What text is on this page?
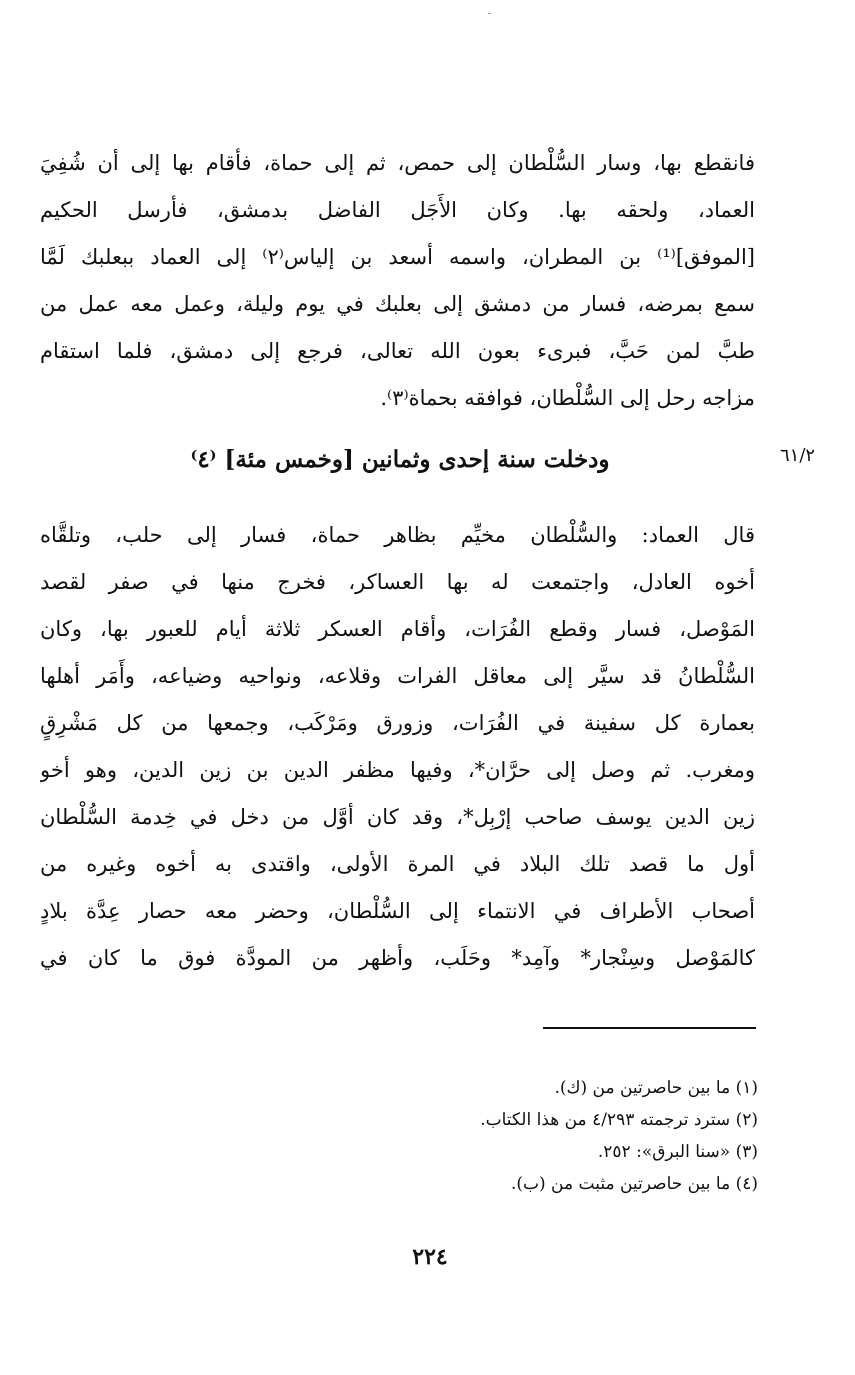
ـ
فانقطع بها، وسار السُّلْطان إلى حمص، ثم إلى حماة، فأقام بها إلى أن شُفِيَ
العماد، ولحقه بها. وكان الأَجَل الفاضل بدمشق، فأرسل الحكيم
[الموفق]⁽¹⁾ بن المطران، واسمه أسعد بن إلياس⁽٢⁾ إلى العماد ببعلبك لَمَّا
سمع بمرضه، فسار من دمشق إلى بعلبك في يوم وليلة، وعمل معه عمل من
طبَّ لمن حَبَّ، فبرىء بعون الله تعالى، فرجع إلى دمشق، فلما استقام
مزاجه رحل إلى السُّلْطان، فوافقه بحماة⁽٣⁾.
٦١/٢
ودخلت سنة إحدى وثمانين [وخمس مئة] ⁽٤⁾
قال العماد: والسُّلْطان مخيِّم بظاهر حماة، فسار إلى حلب، وتلقَّاه
أخوه العادل، واجتمعت له بها العساكر، فخرج منها في صفر لقصد
المَوْصل، فسار وقطع الفُرَات، وأقام العسكر ثلاثة أيام للعبور بها، وكان
السُّلْطانُ قد سيَّر إلى معاقل الفرات وقلاعه، ونواحيه وضياعه، وأَمَر أهلها
بعمارة كل سفينة في الفُرَات، وزورق ومَرْكَب، وجمعها من كل مَشْرِقٍ
ومغرب. ثم وصل إلى حرَّان*، وفيها مظفر الدين بن زين الدين، وهو أخو
زين الدين يوسف صاحب إرْبِل*، وقد كان أوَّل من دخل في خِدمة السُّلْطان
أول ما قصد تلك البلاد في المرة الأولى، واقتدى به أخوه وغيره من
أصحاب الأطراف في الانتماء إلى السُّلْطان، وحضر معه حصار عِدَّة بلادٍ
كالمَوْصل وسِنْجار* وآمِد* وحَلَب، وأظهر من المودَّة فوق ما كان في
(١) ما بين حاصرتين من (ك).
(٢) سترد ترجمته ٤/٢٩٣ من هذا الكتاب.
(٣) «سنا البرق»: ٢٥٢.
(٤) ما بين حاصرتين مثبت من (ب).
٢٢٤
